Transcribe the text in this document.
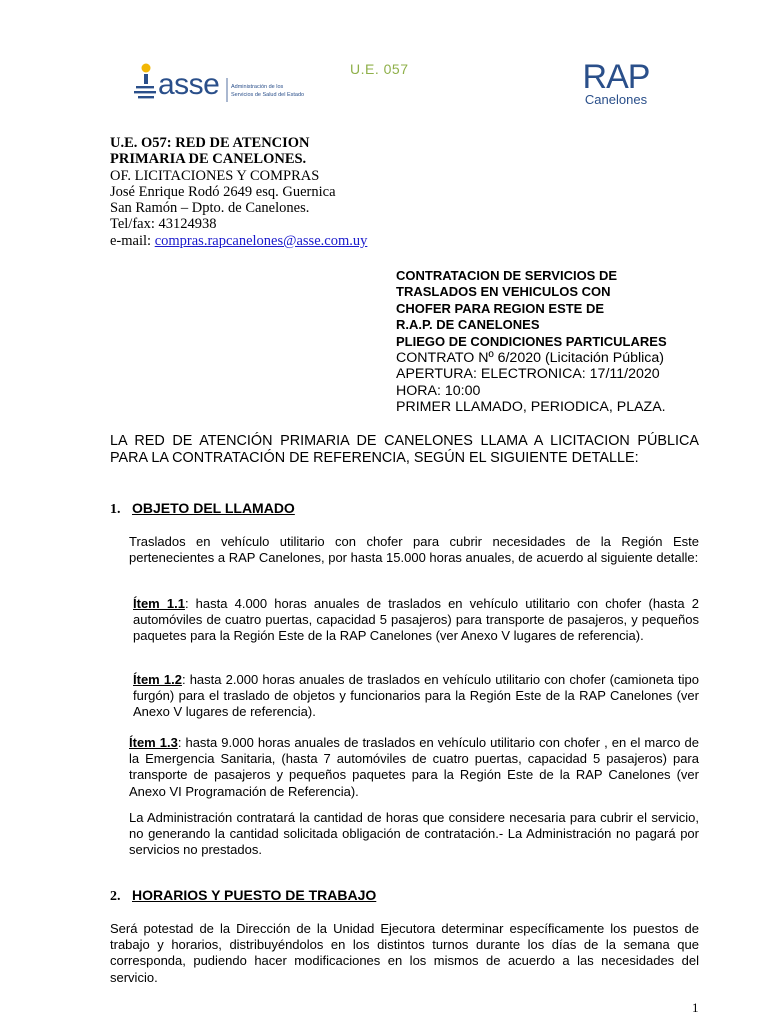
asse Administración de los
Servicios de Salud del Estado
U.E. 057	RAP
Canelones
U.E. O57: RED DE ATENCION
PRIMARIA DE CANELONES.
OF. LICITACIONES Y COMPRAS
José Enrique Rodó 2649 esq. Guernica
San Ramón – Dpto. de Canelones.
Tel/fax: 43124938
e-mail: compras.rapcanelones@asse.com.uy
CONTRATACION DE SERVICIOS DE
TRASLADOS EN VEHICULOS CON
CHOFER PARA REGION ESTE DE
R.A.P. DE CANELONES
PLIEGO DE CONDICIONES PARTICULARES
CONTRATO Nº 6/2020 (Licitación Pública)
APERTURA: ELECTRONICA: 17/11/2020
HORA: 10:00
PRIMER LLAMADO, PERIODICA, PLAZA.
LA RED DE ATENCIÓN PRIMARIA DE CANELONES LLAMA A LICITACION PÚBLICA PARA LA CONTRATACIÓN DE REFERENCIA, SEGÚN EL SIGUIENTE DETALLE:
1. OBJETO DEL LLAMADO
Traslados en vehículo utilitario con chofer para cubrir necesidades de la Región Este pertenecientes a RAP Canelones, por hasta 15.000 horas anuales, de acuerdo al siguiente detalle:
Ítem 1.1: hasta 4.000 horas anuales de traslados en vehículo utilitario con chofer (hasta 2 automóviles de cuatro puertas, capacidad 5 pasajeros) para transporte de pasajeros, y pequeños paquetes para la Región Este de la RAP Canelones (ver Anexo V lugares de referencia).
Ítem 1.2: hasta 2.000 horas anuales de traslados en vehículo utilitario con chofer (camioneta tipo furgón) para el traslado de objetos y funcionarios para la Región Este de la RAP Canelones (ver Anexo V lugares de referencia).
Ítem 1.3: hasta 9.000 horas anuales de traslados en vehículo utilitario con chofer , en el marco de la Emergencia Sanitaria, (hasta 7 automóviles de cuatro puertas, capacidad 5 pasajeros) para transporte de pasajeros y pequeños paquetes para la Región Este de la RAP Canelones (ver Anexo VI Programación de Referencia).
La Administración contratará la cantidad de horas que considere necesaria para cubrir el servicio, no generando la cantidad solicitada obligación de contratación.- La Administración no pagará por servicios no prestados.
2. HORARIOS Y PUESTO DE TRABAJO
Será potestad de la Dirección de la Unidad Ejecutora determinar específicamente los puestos de trabajo y horarios, distribuyéndolos en los distintos turnos durante los días de la semana que corresponda, pudiendo hacer modificaciones en los mismos de acuerdo a las necesidades del servicio.
1
